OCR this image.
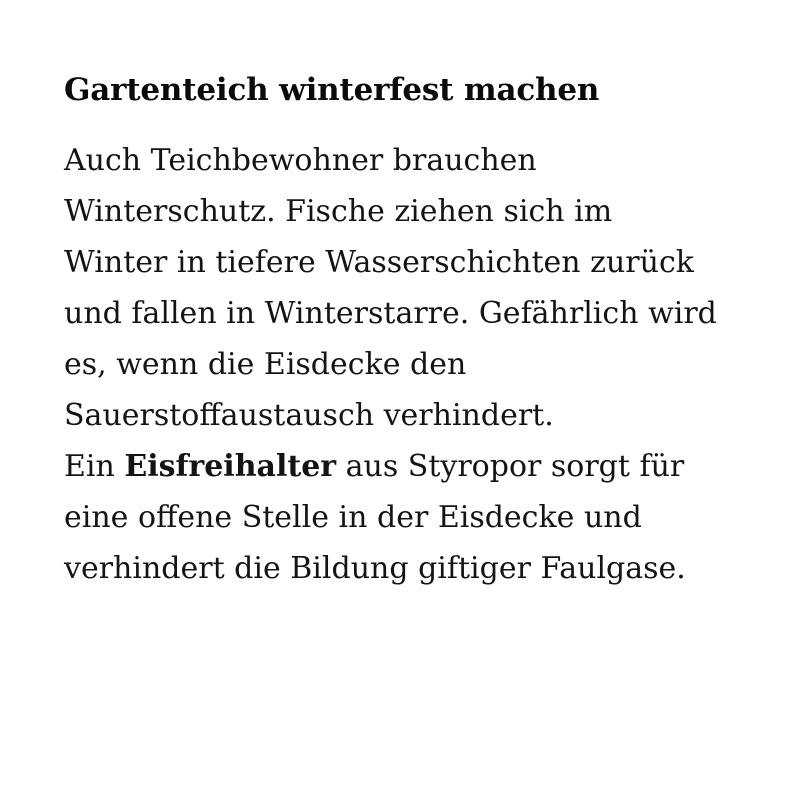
Gartenteich winterfest machen

Auch Teichbewohner brauchen Winterschutz. Fische ziehen sich im Winter in tiefere Wasserschichten zurück und fallen in Winterstarre. Gefährlich wird es, wenn die Eisdecke den Sauerstoffaustausch verhindert.

Ein Eisfreihalter aus Styropor sorgt für eine offene Stelle in der Eisdecke und verhindert die Bildung giftiger Faulgase.
